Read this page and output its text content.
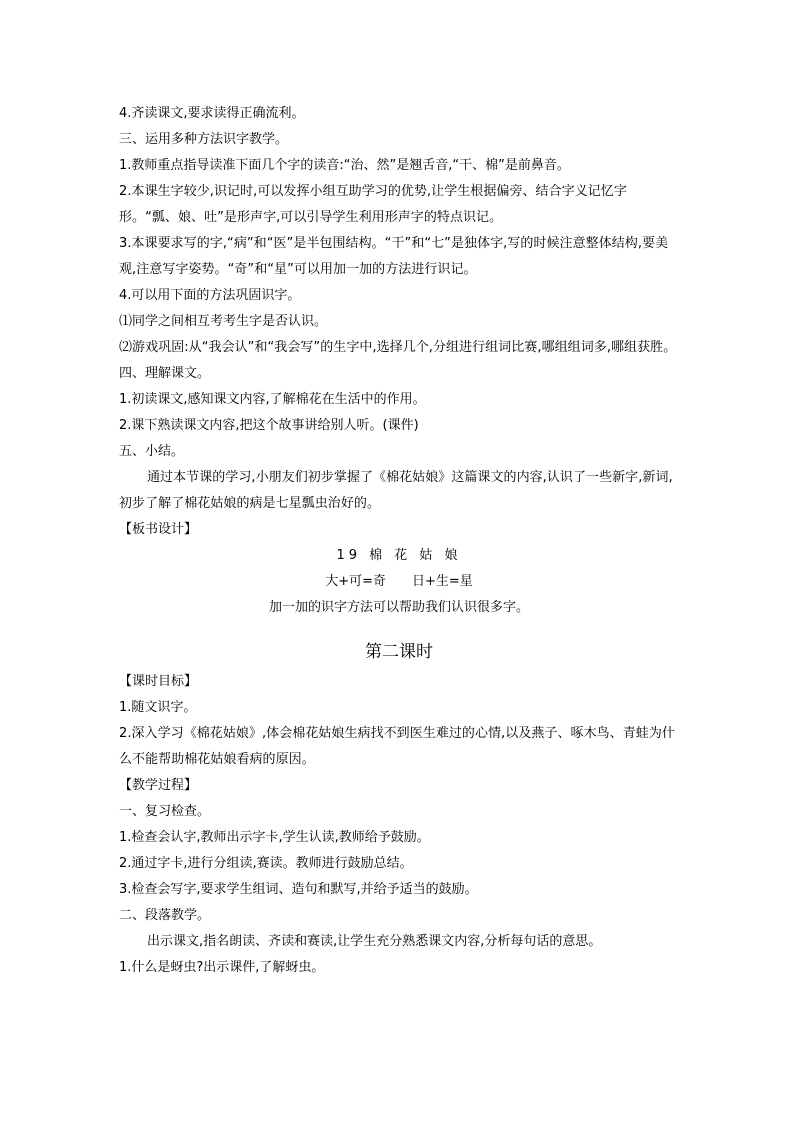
4.齐读课文,要求读得正确流利。

三、运用多种方法识字教学。

1.教师重点指导读准下面几个字的读音:“治、然”是翘舌音,“干、棉”是前鼻音。

2.本课生字较少,识记时,可以发挥小组互助学习的优势,让学生根据偏旁、结合字义记忆字形。“瓢、娘、吐”是形声字,可以引导学生利用形声字的特点识记。

3.本课要求写的字,“病”和“医”是半包围结构。“干”和“七”是独体字,写的时候注意整体结构,要美观,注意写字姿势。“奇”和“星”可以用加一加的方法进行识记。

4.可以用下面的方法巩固识字。

⑴同学之间相互考考生字是否认识。

⑵游戏巩固:从“我会认”和“我会写”的生字中,选择几个,分组进行组词比赛,哪组组词多,哪组获胜。

四、理解课文。

1.初读课文,感知课文内容,了解棉花在生活中的作用。

2.课下熟读课文内容,把这个故事讲给别人听。(课件)

五、小结。

通过本节课的学习,小朋友们初步掌握了《棉花姑娘》这篇课文的内容,认识了一些新字,新词,初步了解了棉花姑娘的病是七星瓢虫治好的。

【板书设计】

19 棉 花 姑 娘

大+可=奇 日+生=星

加一加的识字方法可以帮助我们认识很多字。

第二课时

【课时目标】

1.随文识字。

2.深入学习《棉花姑娘》,体会棉花姑娘生病找不到医生难过的心情,以及燕子、啄木鸟、青蛙为什么不能帮助棉花姑娘看病的原因。

【教学过程】

一、复习检查。

1.检查会认字,教师出示字卡,学生认读,教师给予鼓励。

2.通过字卡,进行分组读,赛读。教师进行鼓励总结。

3.检查会写字,要求学生组词、造句和默写,并给予适当的鼓励。

二、段落教学。

出示课文,指名朗读、齐读和赛读,让学生充分熟悉课文内容,分析每句话的意思。

1.什么是蚜虫?出示课件,了解蚜虫。
